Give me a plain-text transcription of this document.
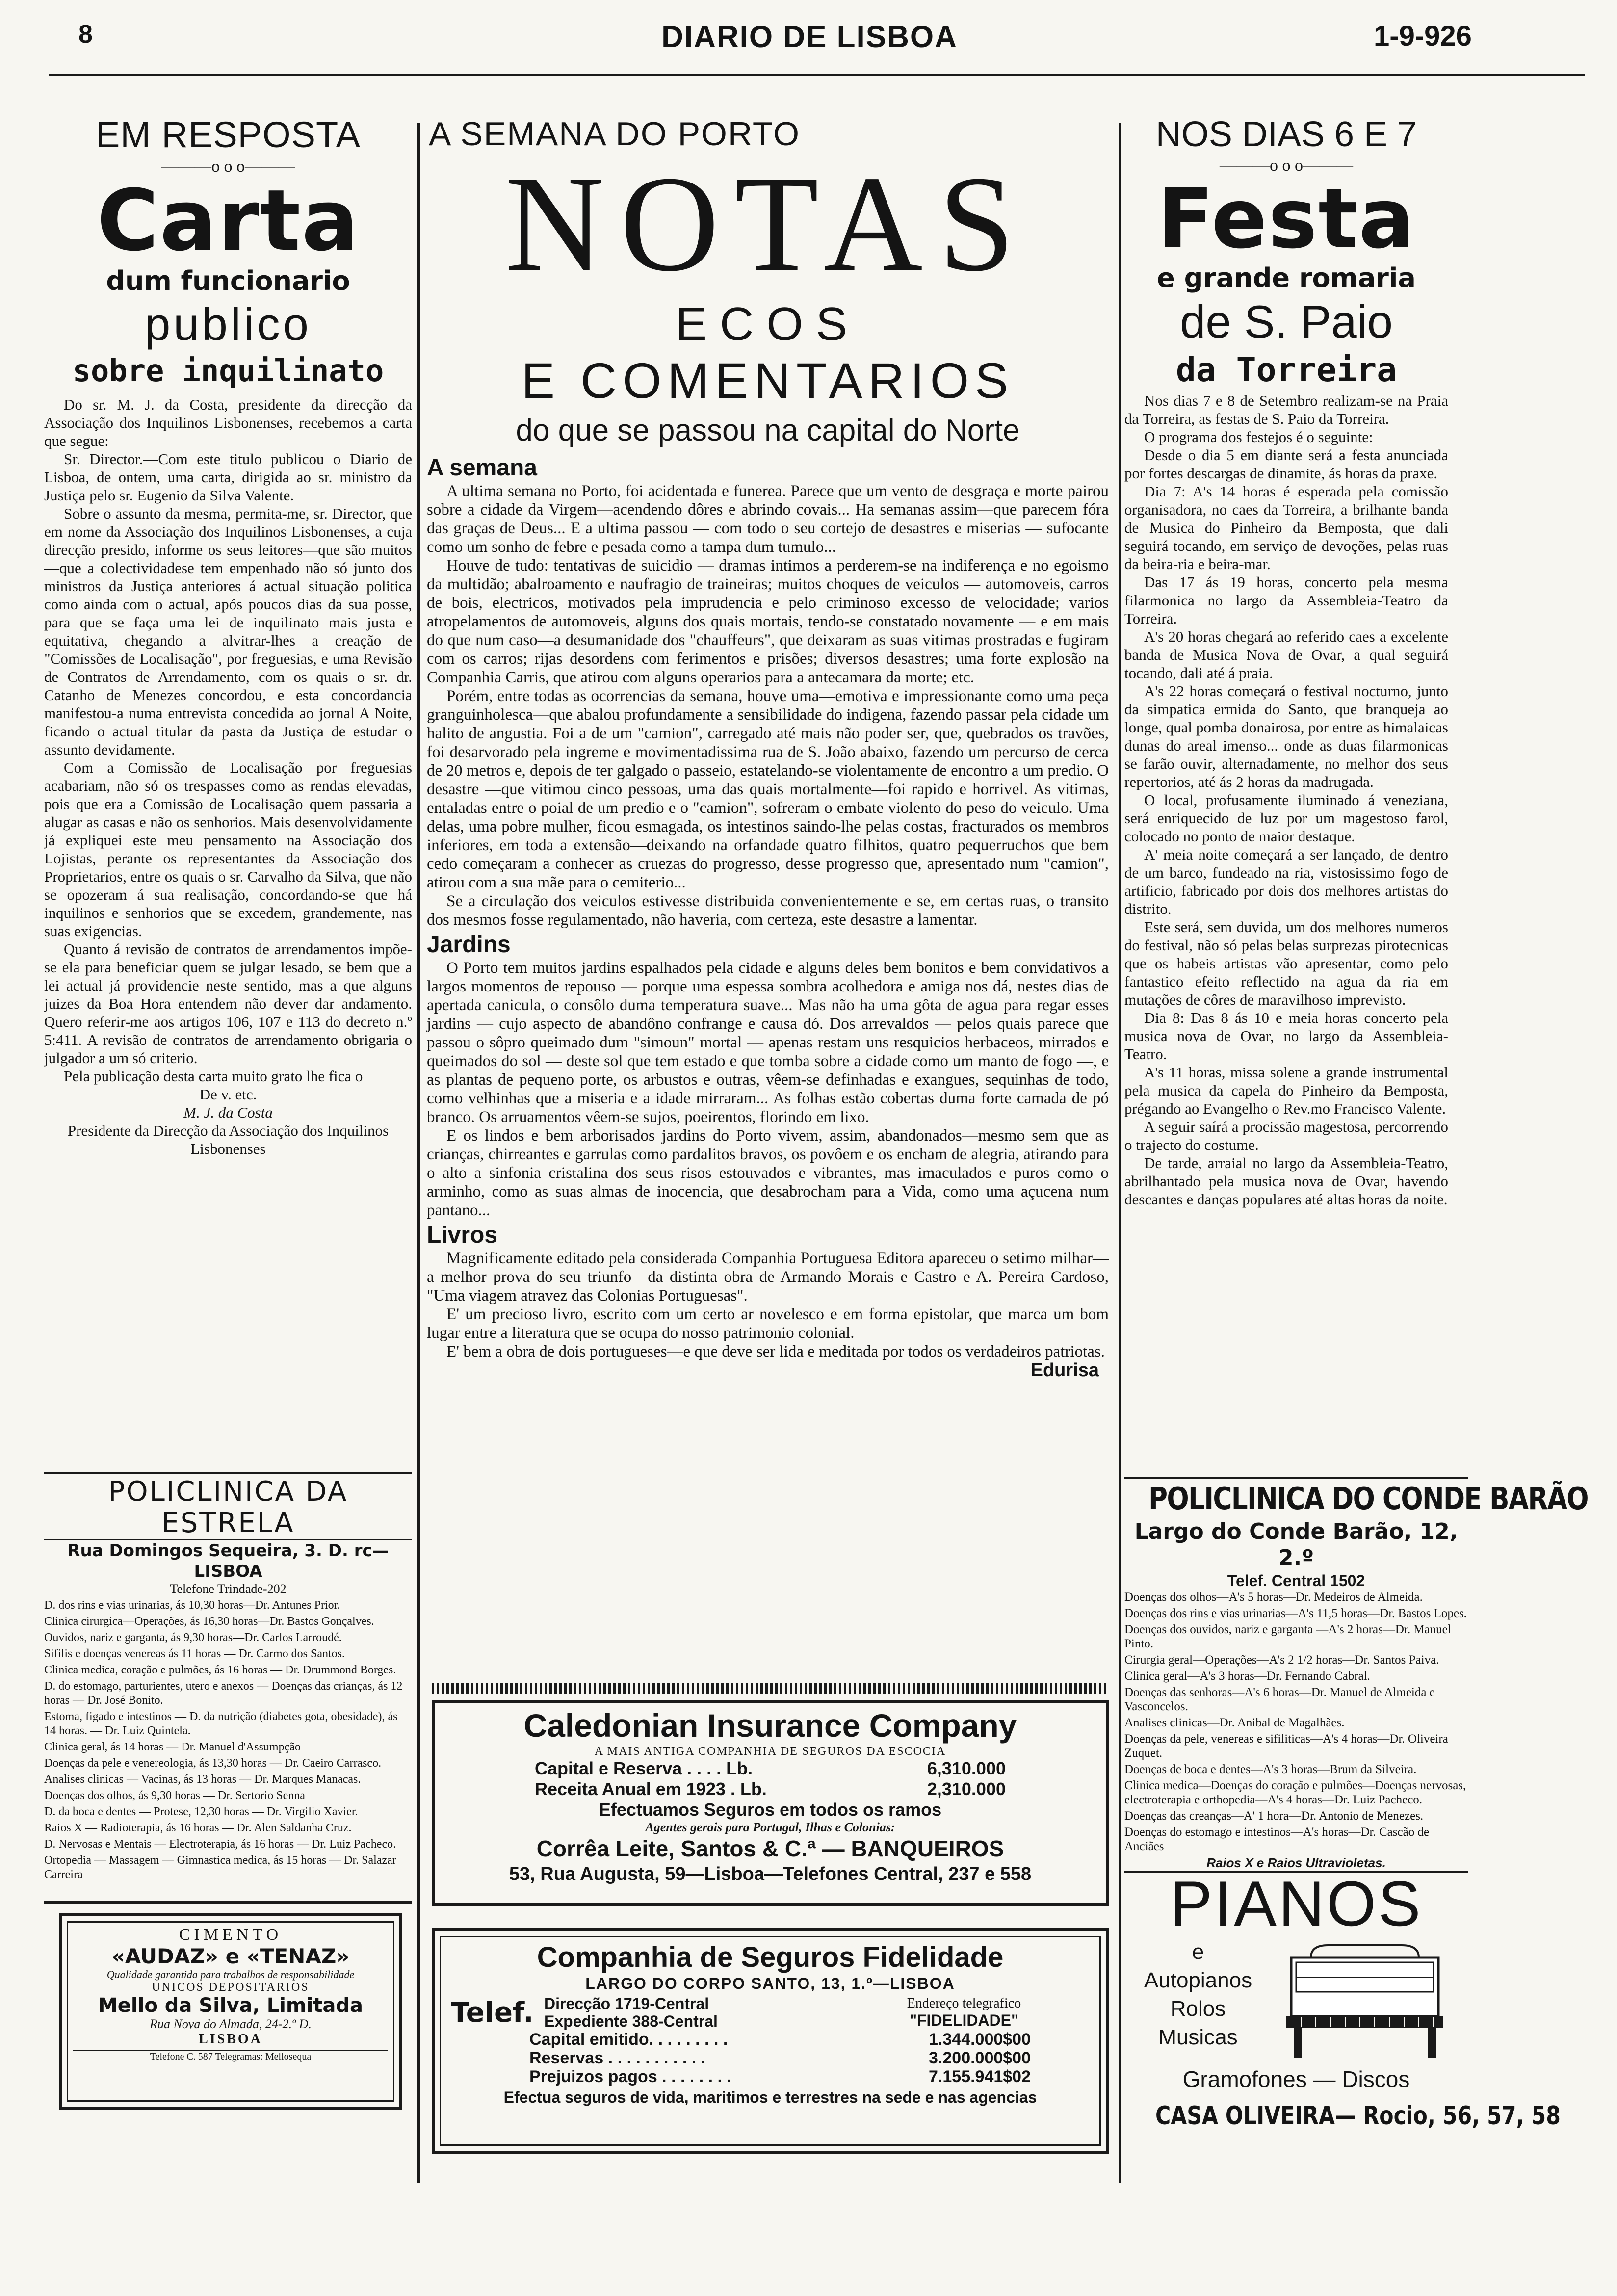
8	DIARIO DE LISBOA	1-9-926
EM RESPOSTA
———o o o———
Carta
dum funcionario
publico
sobre inquilinato

Do sr. M. J. da Costa, presidente da direcção da Associação dos Inquilinos Lisbonenses, recebemos a carta que segue:

Sr. Director.—Com este titulo publicou o Diario de Lisboa, de ontem, uma carta, dirigida ao sr. ministro da Justiça pelo sr. Eugenio da Silva Valente.

Sobre o assunto da mesma, permita-me, sr. Director, que em nome da Associação dos Inquilinos Lisbonenses, a cuja direcção presido, informe os seus leitores—que são muitos—que a colectividadese tem empenhado não só junto dos ministros da Justiça anteriores á actual situação politica como ainda com o actual, após poucos dias da sua posse, para que se faça uma lei de inquilinato mais justa e equitativa, chegando a alvitrar-lhes a creação de "Comissões de Localisação", por freguesias, e uma Revisão de Contratos de Arrendamento, com os quais o sr. dr. Catanho de Menezes concordou, e esta concordancia manifestou-a numa entrevista concedida ao jornal A Noite, ficando o actual titular da pasta da Justiça de estudar o assunto devidamente.

Com a Comissão de Localisação por freguesias acabariam, não só os trespasses como as rendas elevadas, pois que era a Comissão de Localisação quem passaria a alugar as casas e não os senhorios. Mais desenvolvidamente já expliquei este meu pensamento na Associação dos Lojistas, perante os representantes da Associação dos Proprietarios, entre os quais o sr. Carvalho da Silva, que não se opozeram á sua realisação, concordando-se que há inquilinos e senhorios que se excedem, grandemente, nas suas exigencias.

Quanto á revisão de contratos de arrendamentos impõe-se ela para beneficiar quem se julgar lesado, se bem que a lei actual já providencie neste sentido, mas a que alguns juizes da Boa Hora entendem não dever dar andamento. Quero referir-me aos artigos 106, 107 e 113 do decreto n.º 5:411. A revisão de contratos de arrendamento obrigaria o julgador a um só criterio.

Pela publicação desta carta muito grato lhe fica o

De v. etc.
M. J. da Costa
Presidente da Direcção da Associação dos Inquilinos Lisbonenses
POLICLINICA DA ESTRELA
Rua Domingos Sequeira, 3. D. rc—LISBOA
Telefone Trindade-202
D. dos rins e vias urinarias, ás 10,30 horas—Dr. Antunes Prior.
Clinica cirurgica—Operações, ás 16,30 horas—Dr. Bastos Gonçalves.
Ouvidos, nariz e garganta, ás 9,30 horas—Dr. Carlos Larroudé.
Sifilis e doenças venereas ás 11 horas — Dr. Carmo dos Santos.
Clinica medica, coração e pulmões, ás 16 horas — Dr. Drummond Borges.
D. do estomago, parturientes, utero e anexos — Doenças das crianças, ás 12 horas — Dr. José Bonito.
Estoma, figado e intestinos — D. da nutrição (diabetes gota, obesidade), ás 14 horas. — Dr. Luiz Quintela.
Clinica geral, ás 14 horas — Dr. Manuel d'Assumpção
Doenças da pele e venereologia, ás 13,30 horas — Dr. Caeiro Carrasco.
Analises clinicas — Vacinas, ás 13 horas — Dr. Marques Manacas.
Doenças dos olhos, ás 9,30 horas — Dr. Sertorio Senna
D. da boca e dentes — Protese, 12,30 horas — Dr. Virgilio Xavier.
Raios X — Radioterapia, ás 16 horas — Dr. Alen Saldanha Cruz.
D. Nervosas e Mentais — Electroterapia, ás 16 horas — Dr. Luiz Pacheco.
Ortopedia — Massagem — Gimnastica medica, ás 15 horas — Dr. Salazar Carreira
CIMENTO
«AUDAZ» e «TENAZ»
Qualidade garantida para trabalhos de responsabilidade
UNICOS DEPOSITARIOS
Mello da Silva, Limitada
Rua Nova do Almada, 24-2.º D.
LISBOA
Telefone C. 587 Telegramas: Mellosequa
A SEMANA DO PORTO
NOTAS
ECOS
E COMENTARIOS
do que se passou na capital do Norte
A semana

A ultima semana no Porto, foi acidentada e funerea. Parece que um vento de desgraça e morte pairou sobre a cidade da Virgem—acendendo dôres e abrindo covais... Ha semanas assim—que parecem fóra das graças de Deus... E a ultima passou — com todo o seu cortejo de desastres e miserias — sufocante como um sonho de febre e pesada como a tampa dum tumulo...

Houve de tudo: tentativas de suicidio — dramas intimos a perderem-se na indiferença e no egoismo da multidão; abalroamento e naufragio de traineiras; muitos choques de veiculos — automoveis, carros de bois, electricos, motivados pela imprudencia e pelo criminoso excesso de velocidade; varios atropelamentos de automoveis, alguns dos quais mortais, tendo-se constatado novamente — e em mais do que num caso—a desumanidade dos "chauffeurs", que deixaram as suas vitimas prostradas e fugiram com os carros; rijas desordens com ferimentos e prisões; diversos desastres; uma forte explosão na Companhia Carris, que atirou com alguns operarios para a antecamara da morte; etc.

Porém, entre todas as ocorrencias da semana, houve uma—emotiva e impressionante como uma peça granguinholesca—que abalou profundamente a sensibilidade do indigena, fazendo passar pela cidade um halito de angustia. Foi a de um "camion", carregado até mais não poder ser, que, quebrados os travões, foi desarvorado pela ingreme e movimentadissima rua de S. João abaixo, fazendo um percurso de cerca de 20 metros e, depois de ter galgado o passeio, estatelando-se violentamente de encontro a um predio. O desastre —que vitimou cinco pessoas, uma das quais mortalmente—foi rapido e horrivel. As vitimas, entaladas entre o poial de um predio e o "camion", sofreram o embate violento do peso do veiculo. Uma delas, uma pobre mulher, ficou esmagada, os intestinos saindo-lhe pelas costas, fracturados os membros inferiores, em toda a extensão—deixando na orfandade quatro filhitos, quatro pequerruchos que bem cedo começaram a conhecer as cruezas do progresso, desse progresso que, apresentado num "camion", atirou com a sua mãe para o cemiterio...

Se a circulação dos veiculos estivesse distribuida convenientemente e se, em certas ruas, o transito dos mesmos fosse regulamentado, não haveria, com certeza, este desastre a lamentar.

Jardins

O Porto tem muitos jardins espalhados pela cidade e alguns deles bem bonitos e bem convidativos a largos momentos de repouso — porque uma espessa sombra acolhedora e amiga nos dá, nestes dias de apertada canicula, o consôlo duma temperatura suave... Mas não ha uma gôta de agua para regar esses jardins — cujo aspecto de abandôno confrange e causa dó. Dos arrevaldos — pelos quais parece que passou o sôpro queimado dum "simoun" mortal — apenas restam uns resquicios herbaceos, mirrados e queimados do sol — deste sol que tem estado e que tomba sobre a cidade como um manto de fogo —, e as plantas de pequeno porte, os arbustos e outras, vêem-se definhadas e exangues, sequinhas de todo, como velhinhas que a miseria e a idade mirraram... As folhas estão cobertas duma forte camada de pó branco. Os arruamentos vêem-se sujos, poeirentos, florindo em lixo.

E os lindos e bem arborisados jardins do Porto vivem, assim, abandonados—mesmo sem que as crianças, chirreantes e garrulas como pardalitos bravos, os povôem e os encham de alegria, atirando para o alto a sinfonia cristalina dos seus risos estouvados e vibrantes, mas imaculados e puros como o arminho, como as suas almas de inocencia, que desabrocham para a Vida, como uma açucena num pantano...

Livros

Magnificamente editado pela considerada Companhia Portuguesa Editora apareceu o setimo milhar—a melhor prova do seu triunfo—da distinta obra de Armando Morais e Castro e A. Pereira Cardoso, "Uma viagem atravez das Colonias Portuguesas".

E' um precioso livro, escrito com um certo ar novelesco e em forma epistolar, que marca um bom lugar entre a literatura que se ocupa do nosso patrimonio colonial.

E' bem a obra de dois portugueses—e que deve ser lida e meditada por todos os verdadeiros patriotas.

Edurisa
Caledonian Insurance Company
A MAIS ANTIGA COMPANHIA DE SEGUROS DA ESCOCIA
Capital e Reserva . . . . Lb.	6,310.000
Receita Anual em 1923 . Lb.	2,310.000
Efectuamos Seguros em todos os ramos
Agentes gerais para Portugal, Ilhas e Colonias:
Corrêa Leite, Santos & C.ª — BANQUEIROS
53, Rua Augusta, 59—Lisboa—Telefones Central, 237 e 558
Companhia de Seguros Fidelidade
LARGO DO CORPO SANTO, 13, 1.º—LISBOA
Telef. Direcção 1719-Central
Expediente 388-Central
Endereço telegrafico
"FIDELIDADE"
Capital emitido. . . . . . . . .	1.344.000$00
Reservas . . . . . . . . . . .	3.200.000$00
Prejuizos pagos . . . . . . . .	7.155.941$02
Efectua seguros de vida, maritimos e terrestres na sede e nas agencias
NOS DIAS 6 E 7
———o o o———
Festa
e grande romaria
de S. Paio
da Torreira

Nos dias 7 e 8 de Setembro realizam-se na Praia da Torreira, as festas de S. Paio da Torreira.

O programa dos festejos é o seguinte:

Desde o dia 5 em diante será a festa anunciada por fortes descargas de dinamite, ás horas da praxe.

Dia 7: A's 14 horas é esperada pela comissão organisadora, no caes da Torreira, a brilhante banda de Musica do Pinheiro da Bemposta, que dali seguirá tocando, em serviço de devoções, pelas ruas da beira-ria e beira-mar.

Das 17 ás 19 horas, concerto pela mesma filarmonica no largo da Assembleia-Teatro da Torreira.

A's 20 horas chegará ao referido caes a excelente banda de Musica Nova de Ovar, a qual seguirá tocando, dali até á praia.

A's 22 horas começará o festival nocturno, junto da simpatica ermida do Santo, que branqueja ao longe, qual pomba donairosa, por entre as himalaicas dunas do areal imenso... onde as duas filarmonicas se farão ouvir, alternadamente, no melhor dos seus repertorios, até ás 2 horas da madrugada.

O local, profusamente iluminado á veneziana, será enriquecido de luz por um magestoso farol, colocado no ponto de maior destaque.

A' meia noite começará a ser lançado, de dentro de um barco, fundeado na ria, vistosissimo fogo de artificio, fabricado por dois dos melhores artistas do distrito.

Este será, sem duvida, um dos melhores numeros do festival, não só pelas belas surprezas pirotecnicas que os habeis artistas vão apresentar, como pelo fantastico efeito reflectido na agua da ria em mutações de côres de maravilhoso imprevisto.

Dia 8: Das 8 ás 10 e meia horas concerto pela musica nova de Ovar, no largo da Assembleia-Teatro.

A's 11 horas, missa solene a grande instrumental pela musica da capela do Pinheiro da Bemposta, prégando ao Evangelho o Rev.mo Francisco Valente.

A seguir saírá a procissão magestosa, percorrendo o trajecto do costume.

De tarde, arraial no largo da Assembleia-Teatro, abrilhantado pela musica nova de Ovar, havendo descantes e danças populares até altas horas da noite.

POLICLINICA DO CONDE BARÃO
Largo do Conde Barão, 12, 2.º
Telef. Central 1502
Doenças dos olhos—A's 5 horas—Dr. Medeiros de Almeida.
Doenças dos rins e vias urinarias—A's 11,5 horas—Dr. Bastos Lopes.
Doenças dos ouvidos, nariz e garganta —A's 2 horas—Dr. Manuel Pinto.
Cirurgia geral—Operações—A's 2 1/2 horas—Dr. Santos Paiva.
Clinica geral—A's 3 horas—Dr. Fernando Cabral.
Doenças das senhoras—A's 6 horas—Dr. Manuel de Almeida e Vasconcelos.
Analises clinicas—Dr. Anibal de Magalhães.
Doenças da pele, venereas e sifiliticas—A's 4 horas—Dr. Oliveira Zuquet.
Doenças de boca e dentes—A's 3 horas—Brum da Silveira.
Clinica medica—Doenças do coração e pulmões—Doenças nervosas, electroterapia e orthopedia—A's 4 horas—Dr. Luiz Pacheco.
Doenças das creanças—A' 1 hora—Dr. Antonio de Menezes.
Doenças do estomago e intestinos—A's horas—Dr. Cascão de Anciães
Raios X e Raios Ultravioletas.
PIANOS
e
Autopianos
Rolos
Musicas
Gramofones — Discos
CASA OLIVEIRA— Rocio, 56, 57, 58
